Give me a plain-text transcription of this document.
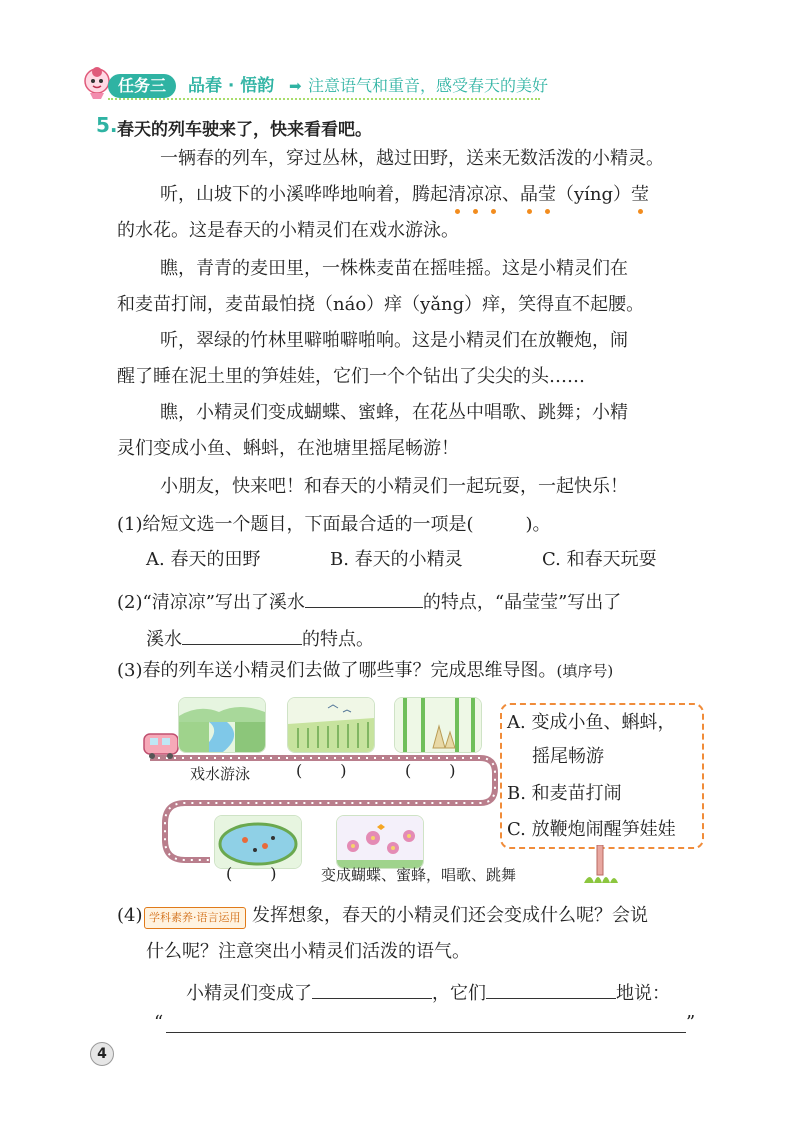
任务三	品春 · 悟韵 ➡ 注意语气和重音，感受春天的美好
5. 春天的列车驶来了，快来看看吧。
一辆春的列车，穿过丛林，越过田野，送来无数活泼的小精灵。
听，山坡下的小溪哗哗地响着，腾起清凉凉、晶莹（yíng）莹
的水花。这是春天的小精灵们在戏水游泳。
瞧，青青的麦田里，一株株麦苗在摇哇摇。这是小精灵们在
和麦苗打闹，麦苗最怕挠（náo）痒（yǎng）痒，笑得直不起腰。
听，翠绿的竹林里噼啪噼啪响。这是小精灵们在放鞭炮，闹
醒了睡在泥土里的笋娃娃，它们一个个钻出了尖尖的头……
瞧，小精灵们变成蝴蝶、蜜蜂，在花丛中唱歌、跳舞；小精
灵们变成小鱼、蝌蚪，在池塘里摇尾畅游！
小朋友，快来吧！和春天的小精灵们一起玩耍，一起快乐！
(1)给短文选一个题目，下面最合适的一项是(	)。
A. 春天的田野	B. 春天的小精灵	C. 和春天玩耍
(2)“清凉凉”写出了溪水	的特点，“晶莹莹”写出了
溪水	的特点。
(3)春的列车送小精灵们去做了哪些事？完成思维导图。(填序号)
戏水游泳	( )	( )
( )	变成蝴蝶、蜜蜂，唱歌、跳舞
A. 变成小鱼、蝌蚪，
摇尾畅游
B. 和麦苗打闹
C. 放鞭炮闹醒笋娃娃
(4) 学科素养·语言运用 发挥想象，春天的小精灵们还会变成什么呢？会说
什么呢？注意突出小精灵们活泼的语气。
小精灵们变成了	，它们	地说：
“	”
4
